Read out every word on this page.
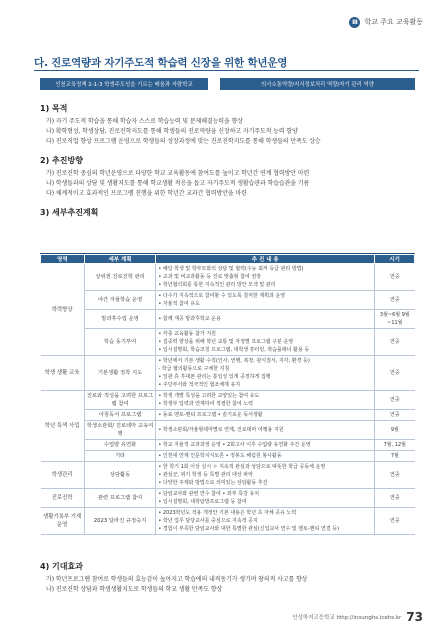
Ⅲ 학교 주요 교육활동
다. 진로역량과 자기주도적 학습력 신장을 위한 학년운영
인천교육정책 2-1-3 학생주도성을 기르는 배움과 자람학교	의사소통역량/지식정보처리 역량/자기 관리 역량
1) 목적
가) 자기 주도적 학습을 통해 학습자 스스로 학습능력 및 문제해결능력을 향상
나) 확학형성, 학생상담, 진로진학지도를 통해 학생들의 진로역량을 신장하고 자기주도적 능력 함양
다) 진로직업 향상 프로그램 운영으로 학생들의 성장과정에 맞는 진로진학지도를 통해 학생들의 만족도 상승
2) 추진방향
가) 진로진학 중심의 학년운영으로 다양한 학교 교육활동에 참여도를 높이고 학년간 연계 협력방안 마련
나) 학생들과의 상담 및 생활지도를 통해 학교생활 적응을 돕고 자기주도적 생활습관과 학습습관을 기름
다) 체계적이고 효과적인 프로그램 진행을 위한 학년간 교과간 협력방안을 마련
3) 세부추진계획
영역	세부 계획	추 진 내 용	시기
학력향상	상위권 진로진학 관리	• 해당 학생 및 학부모와의 상담 및 협력(수능 최저 등급 관리 방법)
• 교과 및 비교과활동 등 진로 맞춤형 참여 권장
• 학년협의회를 통한 지속적인 관리 방안 모색 및 관리	연중
	야간 자율학습 운영	• 다수가 지속적으로 참여할 수 있도록 철저한 계획과 운영
• 자율적 참여 유도	연중
	방과후수업 운영	• 함께 재공 방과후학교 운용	3월~6월 9월~11월
	학습 동기부여	• 각종 교육활동 참가 지원
• 집중력 향상을 위해 학년 교통 및 자정별 프로그램 구분 운영
• 입시설명회, 학습코칭 프로그램, 대학생 튜터링, 학습플래너 활용 등	연중
학생 생활 교육	기본생활 정착 지도	• 학년에서 기본 생활 수칙(인사, 언행, 복장, 관식질서, 지각, 환경 등)
- 학급 협의활동으로 구체한 지침
• 일관 휴 후대폰 관리는 통일성 있게 공정하게 집행
• 주당부서와 적극적인 협조체제 유지	연중
학년 특색 사업	진로와 적성을 고려한 프로그램 참여	• 학생 개별 특성을 고려한 교양있는 참여 유도
• 학생부 입력과 연계하여 적절한 참여 노력	연중
	아침독서 프로그램	• 동료 멘토-멘티 프로그램 • 슬기로운 독서생활	연중
	학생소관회/ 진로테마 교육여행	• 학생소관회/자율형테마별로 연계, 진로테마 여행용 지원	9월
	수업량 유연화	• 학교 자율적 교과과정 운영 • 2회고사 이후 수업량 유연화 주간 운영	7월, 12월
	기타	• 인천대 연계 인문학지식토론 • 정봉도 해림원 봉사활동	7월
학생관리	상담활동	• 한 학기 1회 이상 실시 ㅇ 지속적 관심과 상담으로 따뜻한 학급 공동체 운영
• 관심군, 위기 학생 등 특별 관리 대상 파악
• 다양한 주제와 방법으로 의미있는 상담활동 추진	연중
진로진학	관련 프로그램 참여	• 담임교사와 관련 연수 참여 • 외부 특강 유치
• 입시설명회, 대학탐방프로그램 등 참여	연중
생활기록부 기재운영	2023 달라진 규정숙지	• 2023학년도 적용 개정안 기본 내용은 학년 초 자체 공유 노력
• 학년 업무 담당교사를 중심으로 지속적 공지
• 경험이 부족한 담임교사와 대한 특별한 관심(신입교사 연수 및 멘토-멘티 연결 등)	연중
4) 기대효과
가) 학년프로그램 참여로 학생들의 효능감이 높아지고 학습에의 내적동기가 생기며 창의적 사고를 향상
나) 진로진학 상담과 학생생활지도로 학생들의 학교 생활 만족도 향상
인성하지고등학교 http://insunghs.icehs.kr 73
